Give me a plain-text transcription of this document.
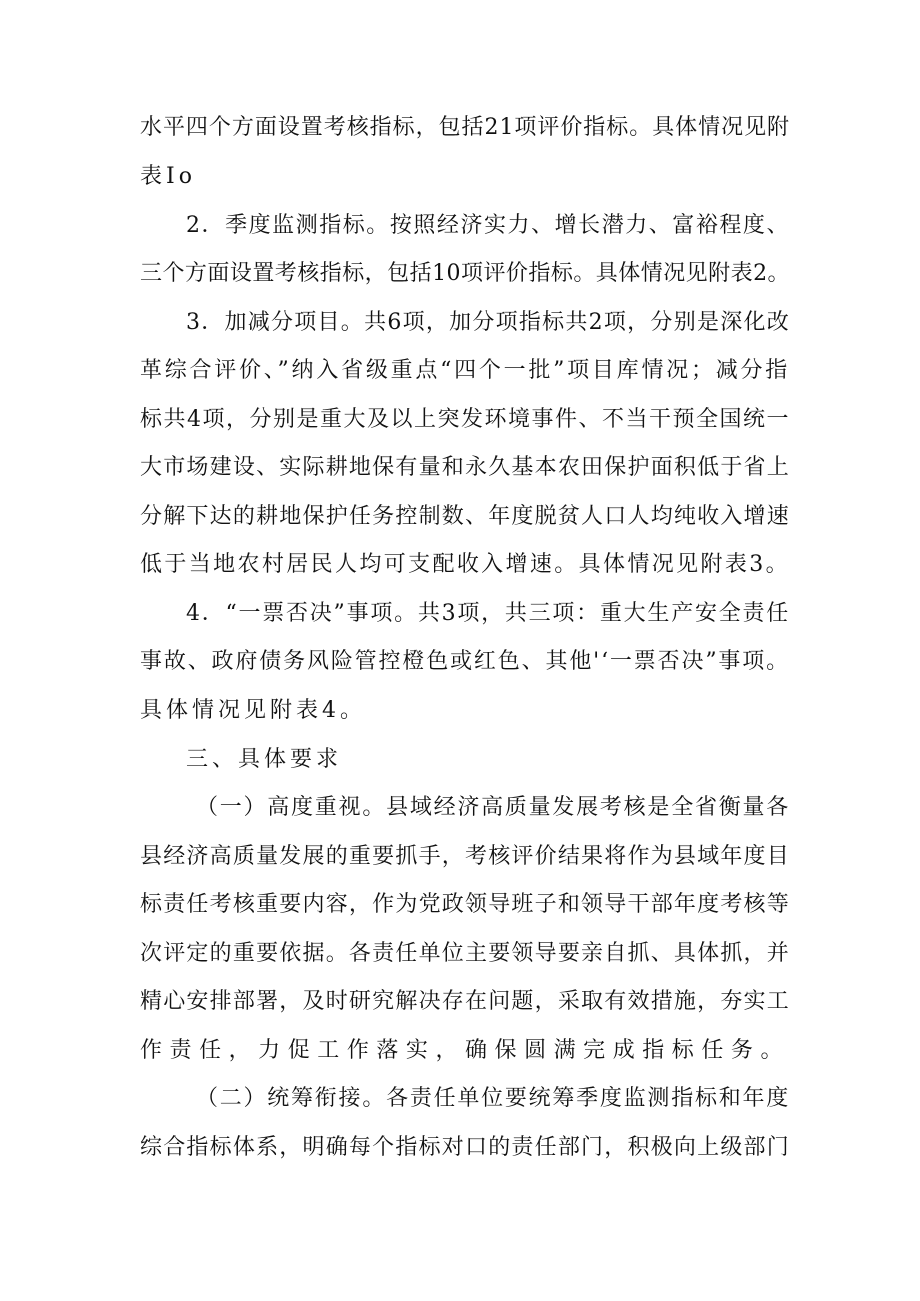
水平四个方面设置考核指标，包括21项评价指标。具体情况见附
表Io
2．季度监测指标。按照经济实力、增长潜力、富裕程度、
三个方面设置考核指标，包括10项评价指标。具体情况见附表2。
3．加减分项目。共6项，加分项指标共2项，分别是深化改
革综合评价、”纳入省级重点“四个一批”项目库情况；减分指
标共4项，分别是重大及以上突发环境事件、不当干预全国统一
大市场建设、实际耕地保有量和永久基本农田保护面积低于省上
分解下达的耕地保护任务控制数、年度脱贫人口人均纯收入增速
低于当地农村居民人均可支配收入增速。具体情况见附表3。
4．“一票否决”事项。共3项，共三项：重大生产安全责任
事故、政府债务风险管控橙色或红色、其他'‘一票否决”事项。
具体情况见附表4。
三、具体要求
（一）高度重视。县域经济高质量发展考核是全省衡量各
县经济高质量发展的重要抓手，考核评价结果将作为县域年度目
标责任考核重要内容，作为党政领导班子和领导干部年度考核等
次评定的重要依据。各责任单位主要领导要亲自抓、具体抓，并
精心安排部署，及时研究解决存在问题，采取有效措施，夯实工
作责任，力促工作落实，确保圆满完成指标任务。
（二）统筹衔接。各责任单位要统筹季度监测指标和年度
综合指标体系，明确每个指标对口的责任部门，积极向上级部门
